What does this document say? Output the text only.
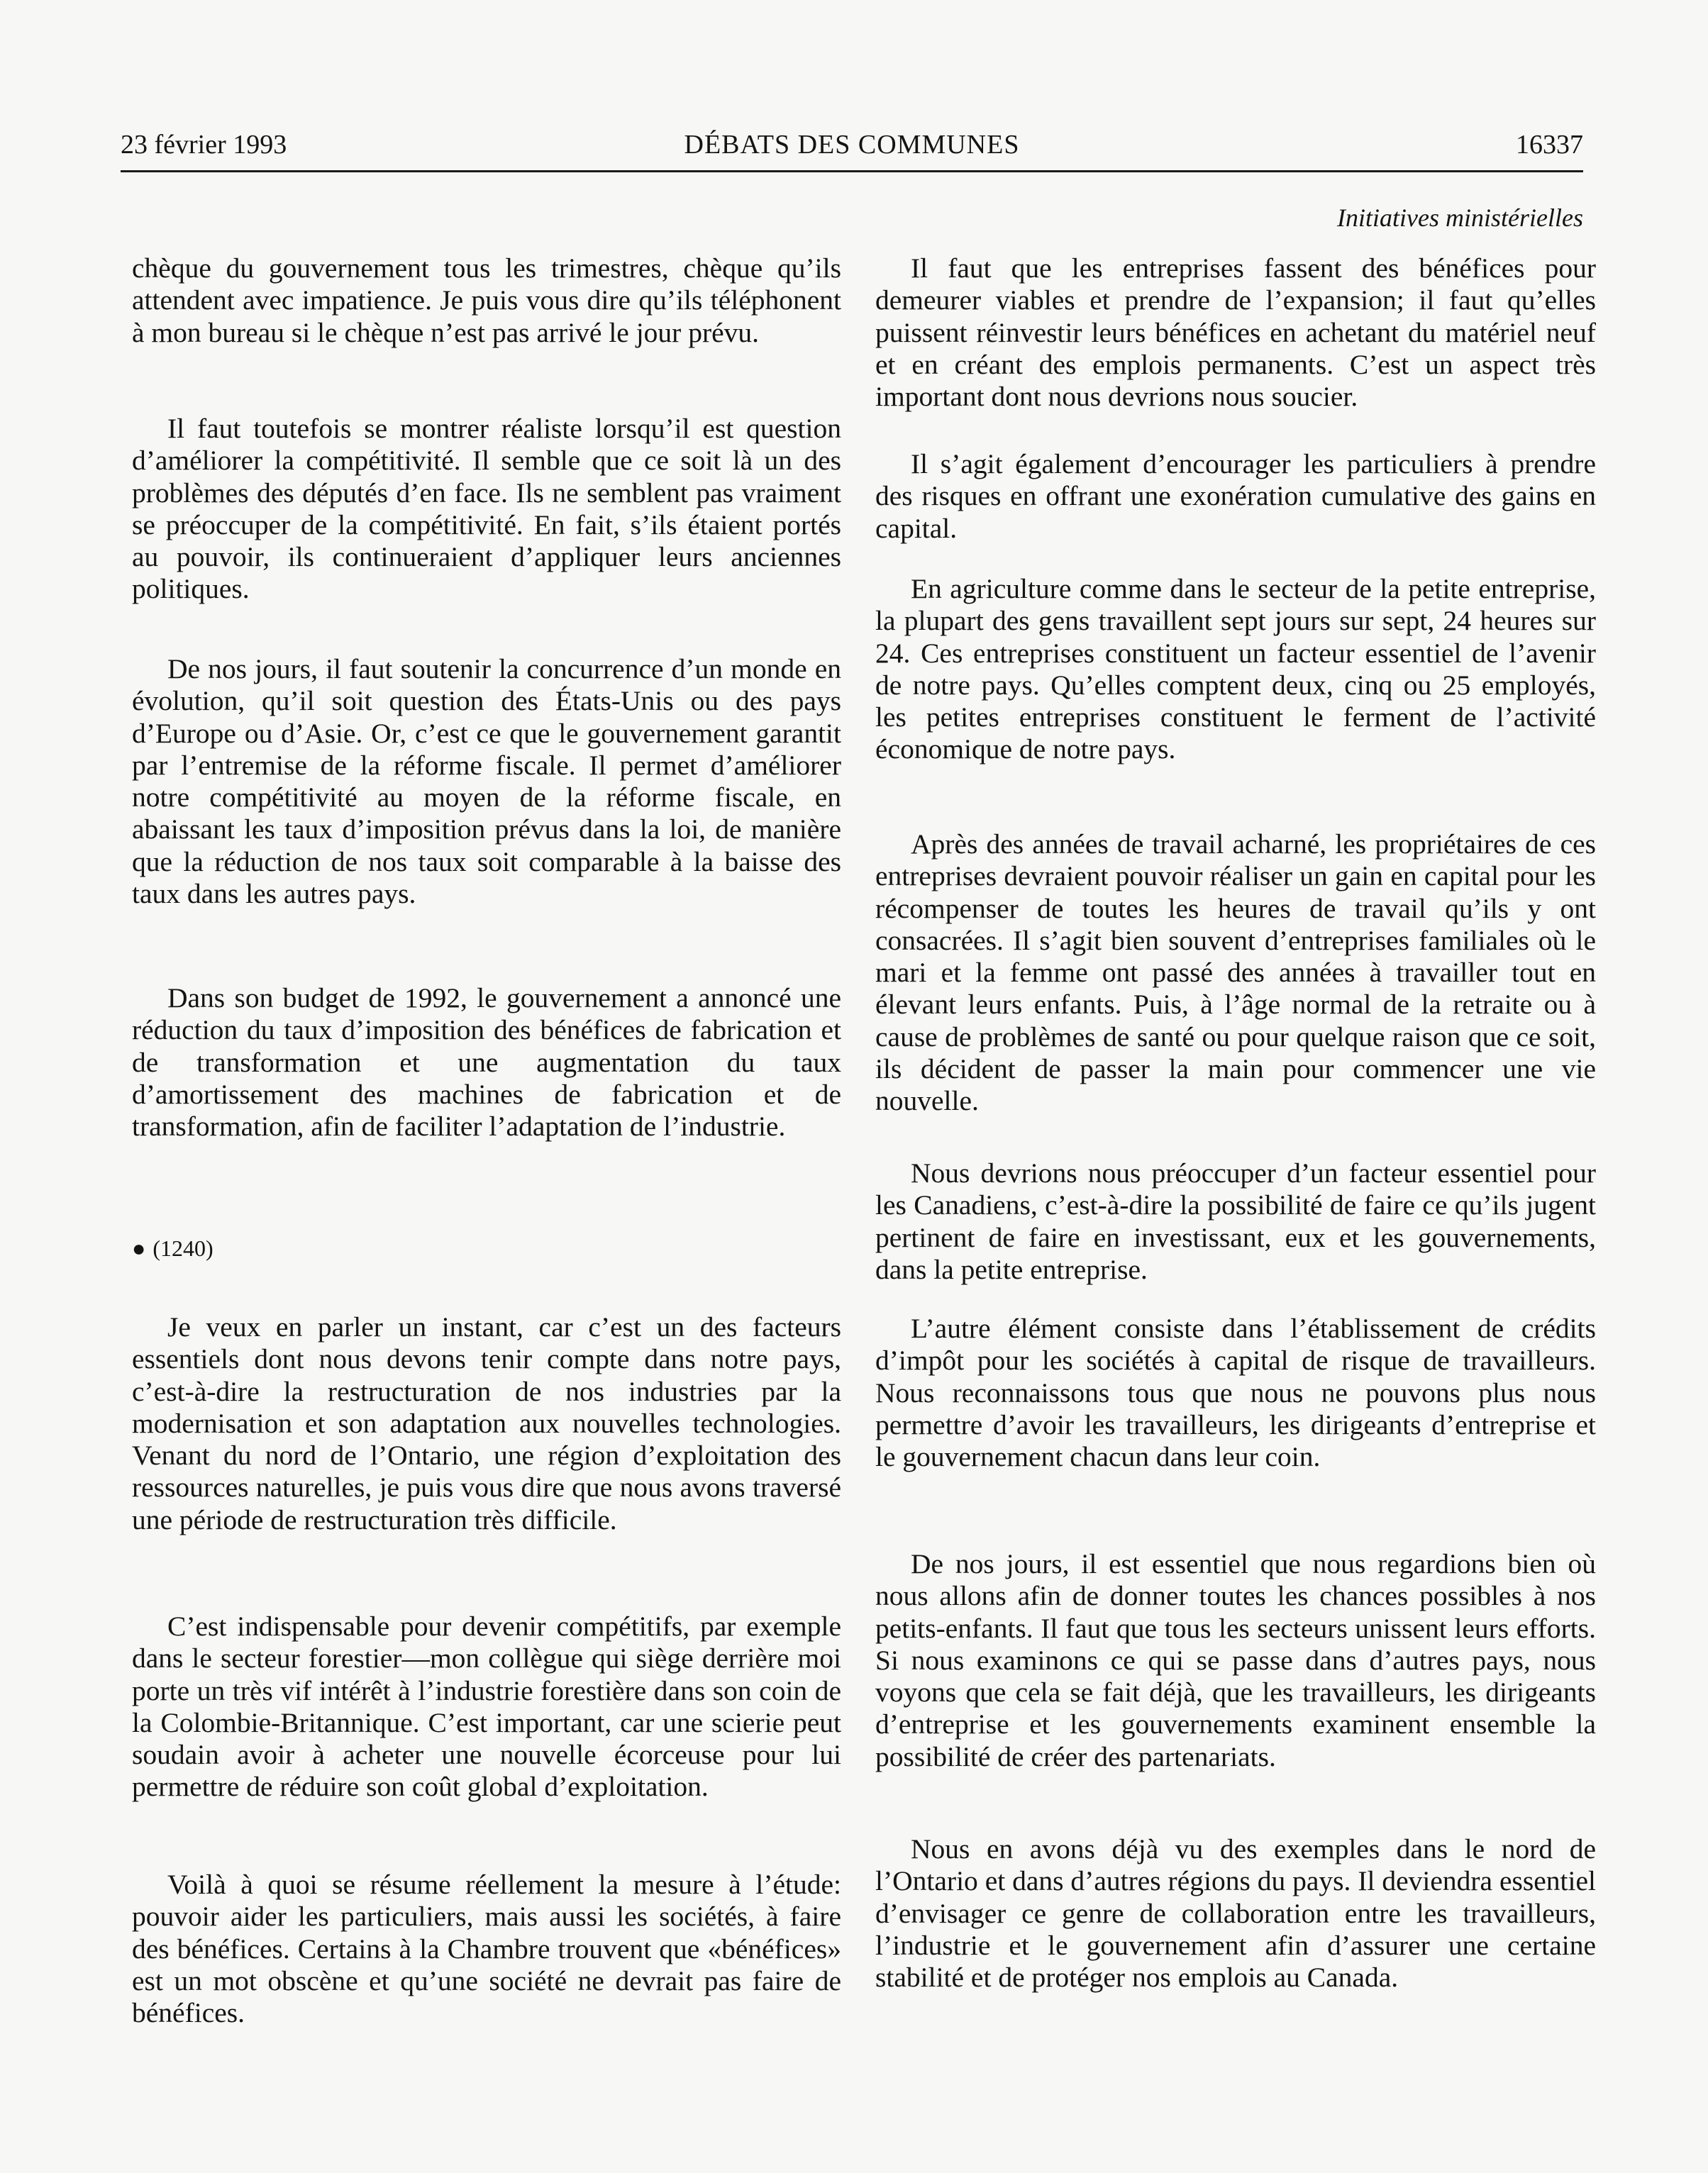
23 février 1993	DÉBATS DES COMMUNES	16337
Initiatives ministérielles

chèque du gouvernement tous les trimestres, chèque qu’ils attendent avec impatience. Je puis vous dire qu’ils téléphonent à mon bureau si le chèque n’est pas arrivé le jour prévu.

Il faut toutefois se montrer réaliste lorsqu’il est question d’améliorer la compétitivité. Il semble que ce soit là un des problèmes des députés d’en face. Ils ne semblent pas vraiment se préoccuper de la compétitivité. En fait, s’ils étaient portés au pouvoir, ils continueraient d’appliquer leurs anciennes politiques.

De nos jours, il faut soutenir la concurrence d’un monde en évolution, qu’il soit question des États-Unis ou des pays d’Europe ou d’Asie. Or, c’est ce que le gouvernement garantit par l’entremise de la réforme fiscale. Il permet d’améliorer notre compétitivité au moyen de la réforme fiscale, en abaissant les taux d’imposition prévus dans la loi, de manière que la réduction de nos taux soit comparable à la baisse des taux dans les autres pays.

Dans son budget de 1992, le gouvernement a annoncé une réduction du taux d’imposition des bénéfices de fabrication et de transformation et une augmentation du taux d’amortissement des machines de fabrication et de transformation, afin de faciliter l’adaptation de l’industrie.

● (1240)

Je veux en parler un instant, car c’est un des facteurs essentiels dont nous devons tenir compte dans notre pays, c’est-à-dire la restructuration de nos industries par la modernisation et son adaptation aux nouvelles technologies. Venant du nord de l’Ontario, une région d’exploitation des ressources naturelles, je puis vous dire que nous avons traversé une période de restructuration très difficile.

C’est indispensable pour devenir compétitifs, par exemple dans le secteur forestier—mon collègue qui siège derrière moi porte un très vif intérêt à l’industrie forestière dans son coin de la Colombie-Britannique. C’est important, car une scierie peut soudain avoir à acheter une nouvelle écorceuse pour lui permettre de réduire son coût global d’exploitation.

Voilà à quoi se résume réellement la mesure à l’étude: pouvoir aider les particuliers, mais aussi les sociétés, à faire des bénéfices. Certains à la Chambre trouvent que «bénéfices» est un mot obscène et qu’une société ne devrait pas faire de bénéfices.

Il faut que les entreprises fassent des bénéfices pour demeurer viables et prendre de l’expansion; il faut qu’elles puissent réinvestir leurs bénéfices en achetant du matériel neuf et en créant des emplois permanents. C’est un aspect très important dont nous devrions nous soucier.

Il s’agit également d’encourager les particuliers à prendre des risques en offrant une exonération cumulative des gains en capital.

En agriculture comme dans le secteur de la petite entreprise, la plupart des gens travaillent sept jours sur sept, 24 heures sur 24. Ces entreprises constituent un facteur essentiel de l’avenir de notre pays. Qu’elles comptent deux, cinq ou 25 employés, les petites entreprises constituent le ferment de l’activité économique de notre pays.

Après des années de travail acharné, les propriétaires de ces entreprises devraient pouvoir réaliser un gain en capital pour les récompenser de toutes les heures de travail qu’ils y ont consacrées. Il s’agit bien souvent d’entreprises familiales où le mari et la femme ont passé des années à travailler tout en élevant leurs enfants. Puis, à l’âge normal de la retraite ou à cause de problèmes de santé ou pour quelque raison que ce soit, ils décident de passer la main pour commencer une vie nouvelle.

Nous devrions nous préoccuper d’un facteur essentiel pour les Canadiens, c’est-à-dire la possibilité de faire ce qu’ils jugent pertinent de faire en investissant, eux et les gouvernements, dans la petite entreprise.

L’autre élément consiste dans l’établissement de crédits d’impôt pour les sociétés à capital de risque de travailleurs. Nous reconnaissons tous que nous ne pouvons plus nous permettre d’avoir les travailleurs, les dirigeants d’entreprise et le gouvernement chacun dans leur coin.

De nos jours, il est essentiel que nous regardions bien où nous allons afin de donner toutes les chances possibles à nos petits-enfants. Il faut que tous les secteurs unissent leurs efforts. Si nous examinons ce qui se passe dans d’autres pays, nous voyons que cela se fait déjà, que les travailleurs, les dirigeants d’entreprise et les gouvernements examinent ensemble la possibilité de créer des partenariats.

Nous en avons déjà vu des exemples dans le nord de l’Ontario et dans d’autres régions du pays. Il deviendra essentiel d’envisager ce genre de collaboration entre les travailleurs, l’industrie et le gouvernement afin d’assurer une certaine stabilité et de protéger nos emplois au Canada.
